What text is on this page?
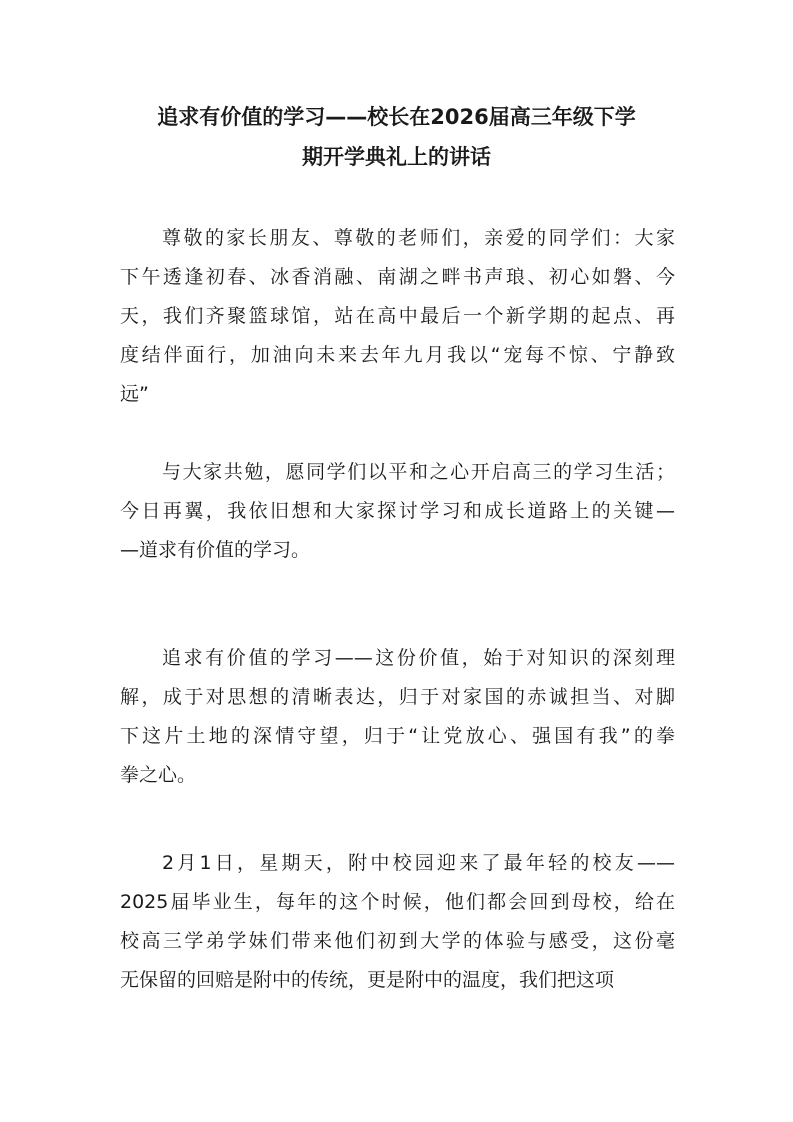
追求有价值的学习——校长在2026届高三年级下学
期开学典礼上的讲话
尊敬的家长朋友、尊敬的老师们，亲爱的同学们：大家
下午透逢初春、冰香消融、南湖之畔书声琅、初心如磐、今
天，我们齐聚篮球馆，站在高中最后一个新学期的起点、再
度结伴面行，加油向未来去年九月我以“宠每不惊、宁静致
远”
与大家共勉，愿同学们以平和之心开启高三的学习生活；
今日再翼，我依旧想和大家探讨学习和成长道路上的关键—
—道求有价值的学习。
追求有价值的学习——这份价值，始于对知识的深刻理
解，成于对思想的清晰表达，归于对家国的赤诚担当、对脚
下这片土地的深情守望，归于“让党放心、强国有我”的拳
拳之心。
2月1日，星期天，附中校园迎来了最年轻的校友——
2025届毕业生，每年的这个时候，他们都会回到母校，给在
校高三学弟学妹们带来他们初到大学的体验与感受，这份毫
无保留的回赔是附中的传统，更是附中的温度，我们把这项
